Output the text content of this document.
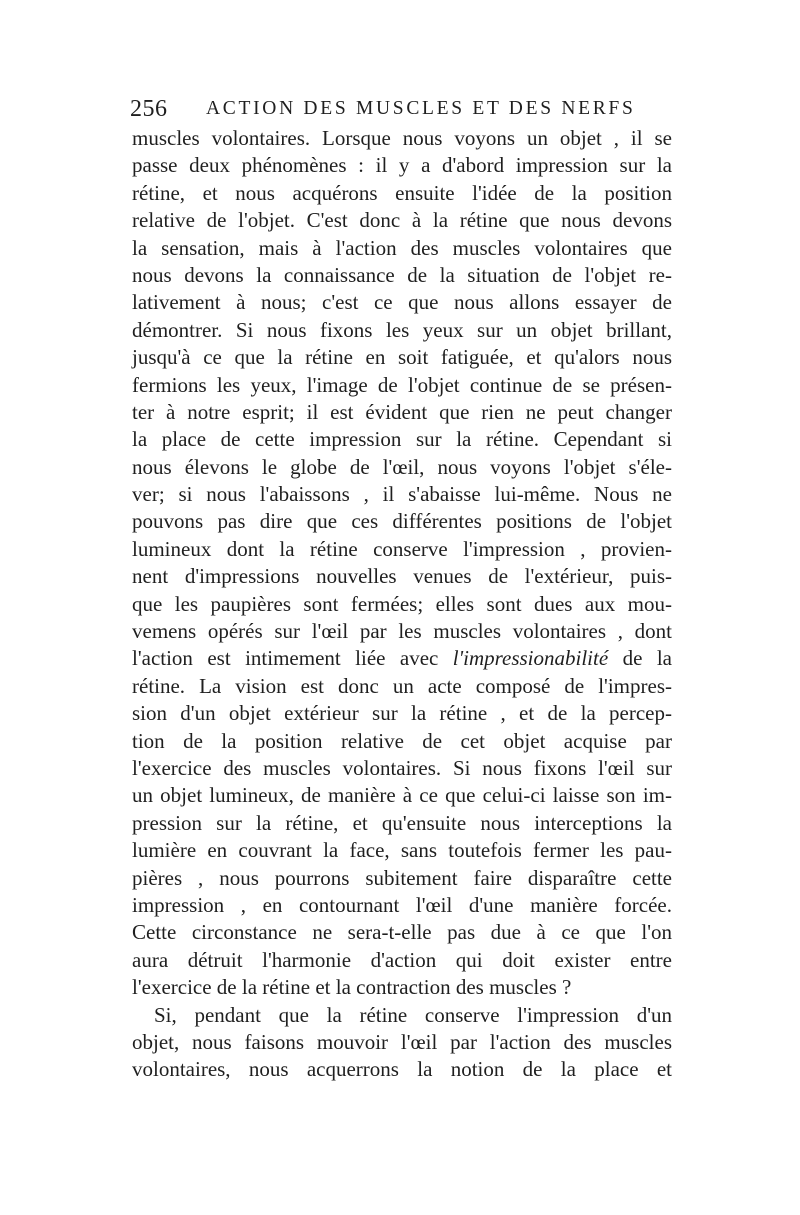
256 ACTION DES MUSCLES ET DES NERFS
muscles volontaires. Lorsque nous voyons un objet , il se
passe deux phénomènes : il y a d'abord impression sur la
rétine, et nous acquérons ensuite l'idée de la position
relative de l'objet. C'est donc à la rétine que nous devons
la sensation, mais à l'action des muscles volontaires que
nous devons la connaissance de la situation de l'objet re-
lativement à nous; c'est ce que nous allons essayer de
démontrer. Si nous fixons les yeux sur un objet brillant,
jusqu'à ce que la rétine en soit fatiguée, et qu'alors nous
fermions les yeux, l'image de l'objet continue de se présen-
ter à notre esprit; il est évident que rien ne peut changer
la place de cette impression sur la rétine. Cependant si
nous élevons le globe de l'œil, nous voyons l'objet s'éle-
ver; si nous l'abaissons , il s'abaisse lui-même. Nous ne
pouvons pas dire que ces différentes positions de l'objet
lumineux dont la rétine conserve l'impression , provien-
nent d'impressions nouvelles venues de l'extérieur, puis-
que les paupières sont fermées; elles sont dues aux mou-
vemens opérés sur l'œil par les muscles volontaires , dont
l'action est intimement liée avec l'impressionabilité de la
rétine. La vision est donc un acte composé de l'impres-
sion d'un objet extérieur sur la rétine , et de la percep-
tion de la position relative de cet objet acquise par
l'exercice des muscles volontaires. Si nous fixons l'œil sur
un objet lumineux, de manière à ce que celui-ci laisse son im-
pression sur la rétine, et qu'ensuite nous interceptions la
lumière en couvrant la face, sans toutefois fermer les pau-
pières , nous pourrons subitement faire disparaître cette
impression , en contournant l'œil d'une manière forcée.
Cette circonstance ne sera-t-elle pas due à ce que l'on
aura détruit l'harmonie d'action qui doit exister entre
l'exercice de la rétine et la contraction des muscles ?
Si, pendant que la rétine conserve l'impression d'un
objet, nous faisons mouvoir l'œil par l'action des muscles
volontaires, nous acquerrons la notion de la place et
